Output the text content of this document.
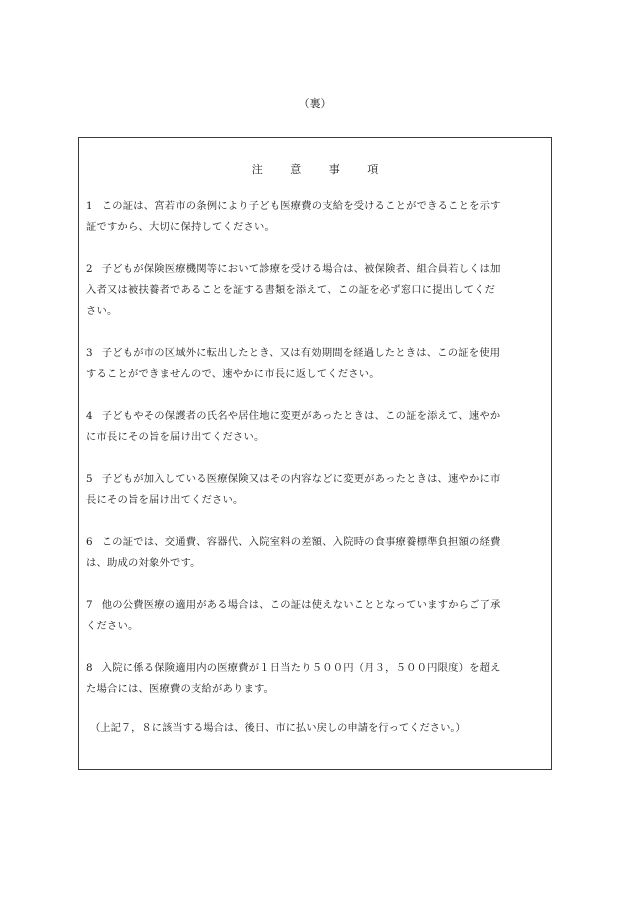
（裏）
注 意 事 項
1 この証は、宮若市の条例により子ども医療費の支給を受けることができることを示す
証ですから、大切に保持してください。
2 子どもが保険医療機関等において診療を受ける場合は、被保険者、組合員若しくは加
入者又は被扶養者であることを証する書類を添えて、この証を必ず窓口に提出してくだ
さい。
3 子どもが市の区域外に転出したとき、又は有効期間を経過したときは、この証を使用
することができませんので、速やかに市長に返してください。
4 子どもやその保護者の氏名や居住地に変更があったときは、この証を添えて、速やか
に市長にその旨を届け出てください。
5 子どもが加入している医療保険又はその内容などに変更があったときは、速やかに市
長にその旨を届け出てください。
6 この証では、交通費、容器代、入院室料の差額、入院時の食事療養標準負担額の経費
は、助成の対象外です。
7 他の公費医療の適用がある場合は、この証は使えないこととなっていますからご了承
ください。
8 入院に係る保険適用内の医療費が１日当たり５００円（月３，５００円限度）を超え
た場合には、医療費の支給があります。
（上記７，８に該当する場合は、後日、市に払い戻しの申請を行ってください。）
